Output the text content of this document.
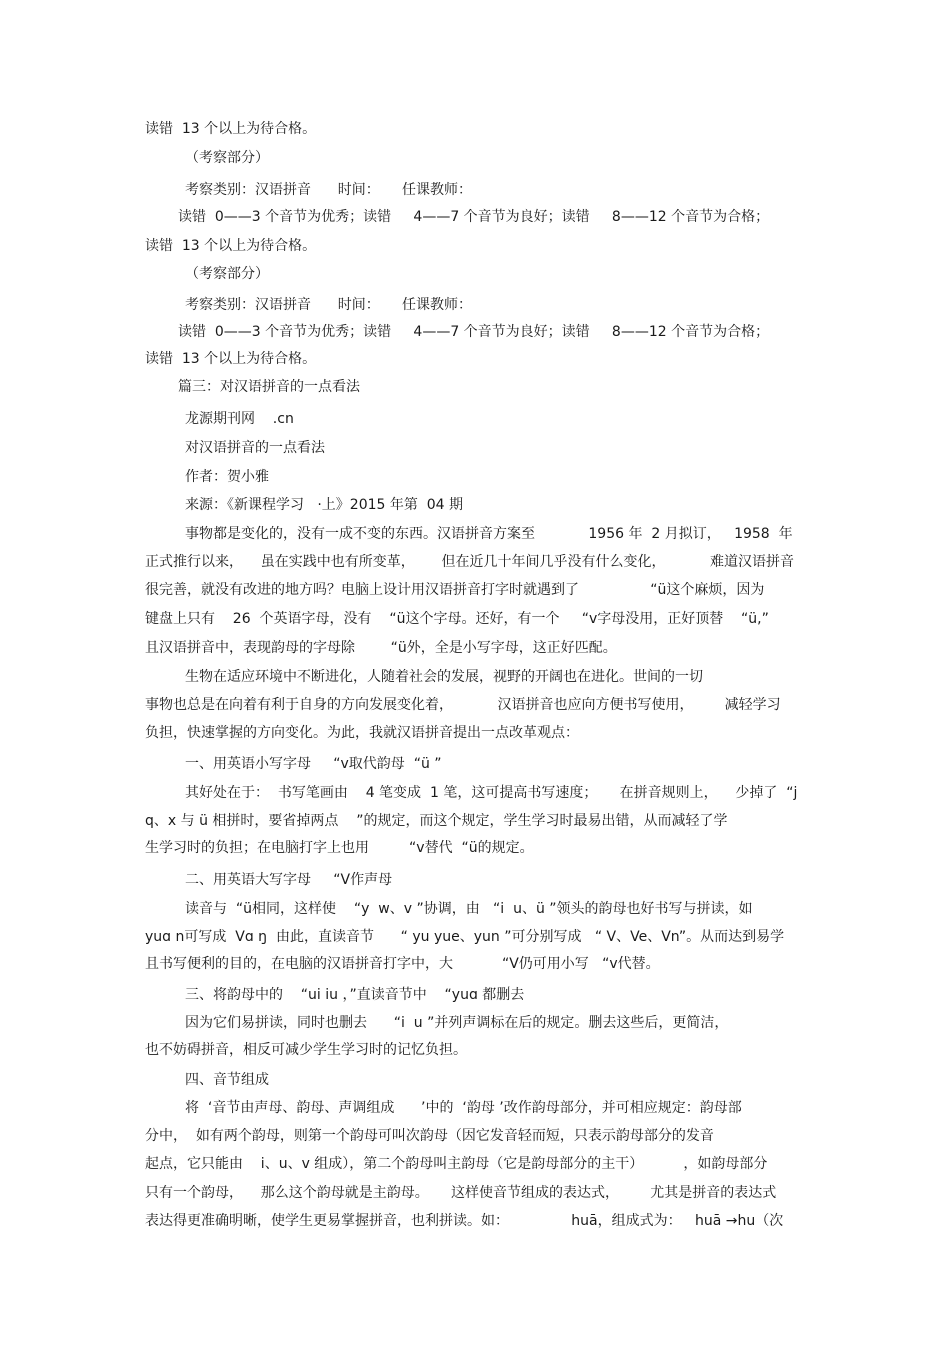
读错  13 个以上为待合格。
（考察部分）
考察类别：汉语拼音      时间：     任课教师：
读错  0——3 个音节为优秀；读错     4——7 个音节为良好；读错     8——12 个音节为合格；
读错  13 个以上为待合格。
（考察部分）
考察类别：汉语拼音      时间：     任课教师：
读错  0——3 个音节为优秀；读错     4——7 个音节为良好；读错     8——12 个音节为合格；
读错  13 个以上为待合格。
篇三：对汉语拼音的一点看法
龙源期刊网    .cn
对汉语拼音的一点看法
作者：贺小雅
来源：《新课程学习   ·上》2015 年第  04 期
事物都是变化的，没有一成不变的东西。汉语拼音方案至            1956 年  2 月拟订，   1958  年
正式推行以来，    虽在实践中也有所变革，      但在近几十年间几乎没有什么变化，          难道汉语拼音
很完善，就没有改进的地方吗？电脑上设计用汉语拼音打字时就遇到了                “ü这个麻烦，因为
键盘上只有    26  个英语字母，没有    “ü这个字母。还好，有一个     “v字母没用，正好顶替    “ü,”
且汉语拼音中，表现韵母的字母除        “ü外，全是小写字母，这正好匹配。
生物在适应环境中不断进化，人随着社会的发展，视野的开阔也在进化。世间的一切
事物也总是在向着有利于自身的方向发展变化着，          汉语拼音也应向方便书写使用，       减轻学习
负担，快速掌握的方向变化。为此，我就汉语拼音提出一点改革观点：
一、用英语小写字母     “v取代韵母  “ü ”
其好处在于：  书写笔画由    4 笔变成  1 笔，这可提高书写速度；     在拼音规则上，    少掉了  “j
q、x 与 ü 相拼时，要省掉两点    ”的规定，而这个规定，学生学习时最易出错，从而减轻了学
生学习时的负担；在电脑打字上也用         “v替代  “ü的规定。
二、用英语大写字母     “V作声母
读音与  “ü相同，这样使    “y  w、v ”协调，由   “i  u、ü ”领头的韵母也好书写与拼读，如
yuɑ n可写成  Vɑ ŋ  由此，直读音节      “ yu yue、yun ”可分别写成   “ V、Ve、Vn”。从而达到易学
且书写便利的目的，在电脑的汉语拼音打字中，大           “V仍可用小写   “v代替。
三、将韵母中的    “ui iu ，”直读音节中    “yuɑ 都删去
因为它们易拼读，同时也删去      “i  u ”并列声调标在后的规定。删去这些后，更简洁，
也不妨碍拼音，相反可减少学生学习时的记忆负担。
四、音节组成
将  ‘音节由声母、韵母、声调组成      ’中的  ‘韵母 ’改作韵母部分，并可相应规定：韵母部
分中，  如有两个韵母，则第一个韵母可叫次韵母（因它发音轻而短，只表示韵母部分的发音
起点，它只能由    i、u、v 组成），第二个韵母叫主韵母（它是韵母部分的主干）         ，如韵母部分
只有一个韵母，    那么这个韵母就是主韵母。     这样使音节组成的表达式，       尤其是拼音的表达式
表达得更准确明晰，使学生更易掌握拼音，也利拼读。如：              huā，组成式为：   huā →hu（次
